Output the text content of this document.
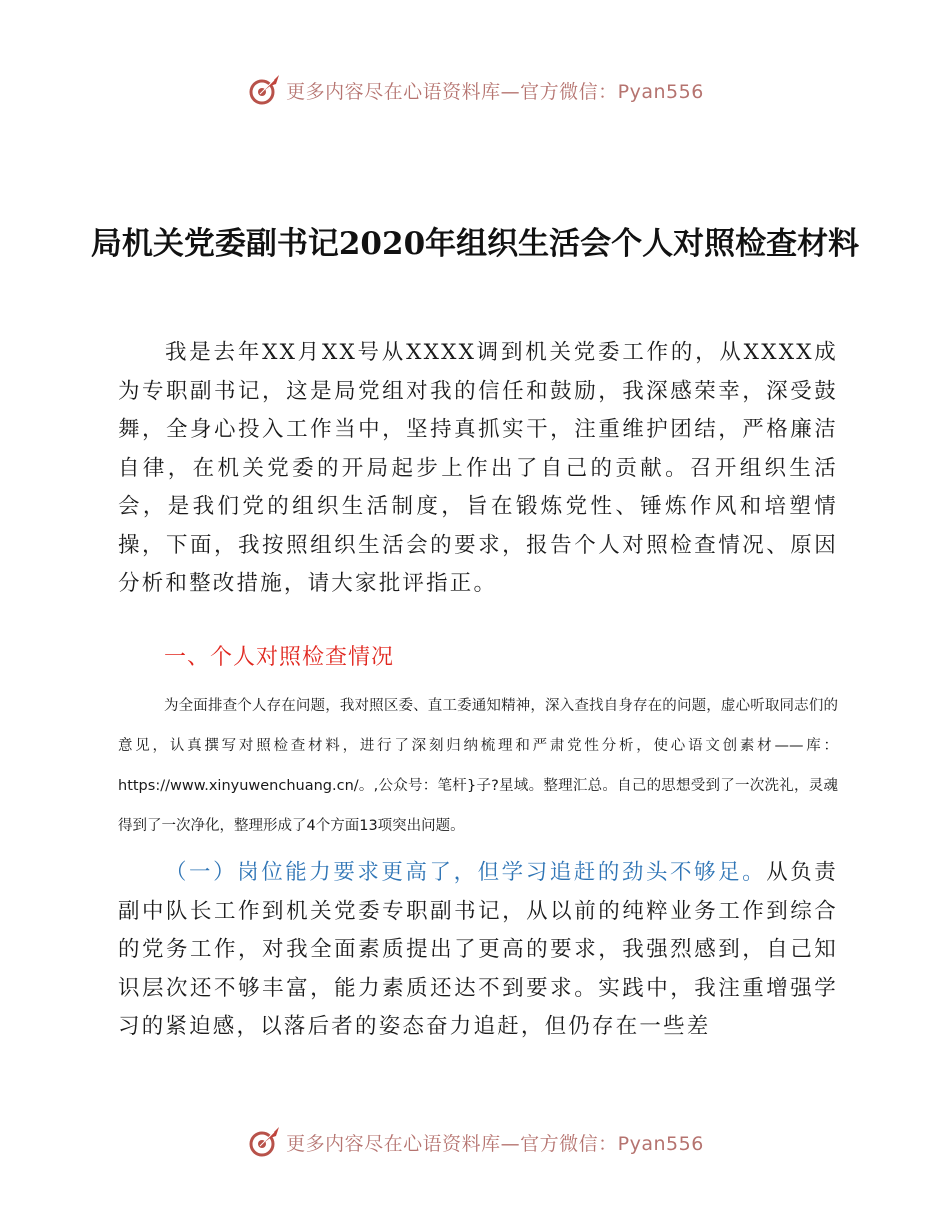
更多内容尽在心语资料库—官方微信：Pyan556
局机关党委副书记2020年组织生活会个人对照检查材料
我是去年XX月XX号从XXXX调到机关党委工作的，从XXXX成为专职副书记，这是局党组对我的信任和鼓励，我深感荣幸，深受鼓舞，全身心投入工作当中，坚持真抓实干，注重维护团结，严格廉洁自律，在机关党委的开局起步上作出了自己的贡献。召开组织生活会，是我们党的组织生活制度，旨在锻炼党性、锤炼作风和培塑情操，下面，我按照组织生活会的要求，报告个人对照检查情况、原因分析和整改措施，请大家批评指正。
一、个人对照检查情况
为全面排查个人存在问题，我对照区委、直工委通知精神，深入查找自身存在的问题，虚心听取同志们的意见，认真撰写对照检查材料，进行了深刻归纳梳理和严肃党性分析，使心语文创素材——库：https://www.xinyuwenchuang.cn/。,公众号：笔杆}子?星域。整理汇总。自己的思想受到了一次洗礼，灵魂得到了一次净化，整理形成了4个方面13项突出问题。
（一）岗位能力要求更高了，但学习追赶的劲头不够足。从负责副中队长工作到机关党委专职副书记，从以前的纯粹业务工作到综合的党务工作，对我全面素质提出了更高的要求，我强烈感到，自己知识层次还不够丰富，能力素质还达不到要求。实践中，我注重增强学习的紧迫感，以落后者的姿态奋力追赶，但仍存在一些差
更多内容尽在心语资料库—官方微信：Pyan556
